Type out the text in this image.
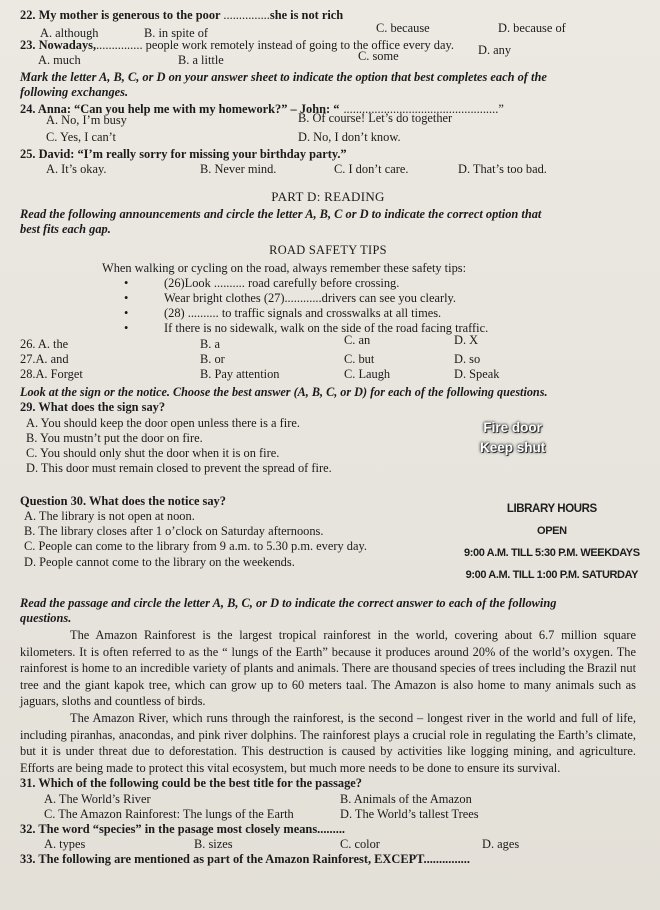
22. My mother is generous to the poor ...............she is not rich
A. although	B. in spite of	C. because	D. because of
23. Nowadays,............... people work remotely instead of going to the office every day.
A. much	B. a little	C. some	D. any
Mark the letter A, B, C, or D on your answer sheet to indicate the option that best completes each of the
following exchanges.
24. Anna: “Can you help me with my homework?” – John: “ ..................................................”
A. No, I’m busy	B. Of course! Let’s do together
C. Yes, I can’t	D. No, I don’t know.
25. David: “I’m really sorry for missing your birthday party.”
A. It’s okay.	B. Never mind.	C. I don’t care.	D. That’s too bad.
PART D: READING
Read the following announcements and circle the letter A, B, C or D to indicate the correct option that
best fits each gap.
ROAD SAFETY TIPS
When walking or cycling on the road, always remember these safety tips:
•	(26)Look .......... road carefully before crossing.
•	Wear bright clothes (27)............drivers can see you clearly.
•	(28) .......... to traffic signals and crosswalks at all times.
•	If there is no sidewalk, walk on the side of the road facing traffic.
26. A. the	B. a	C. an	D. X
27.A. and	B. or	C. but	D. so
28.A. Forget	B. Pay attention	C. Laugh	D. Speak
Look at the sign or the notice. Choose the best answer (A, B, C, or D) for each of the following questions.
29. What does the sign say?
A. You should keep the door open unless there is a fire.
B. You mustn’t put the door on fire.
C. You should only shut the door when it is on fire.
D. This door must remain closed to prevent the spread of fire.
Fire door
Keep shut
Question 30. What does the notice say?
A. The library is not open at noon.
B. The library closes after 1 o’clock on Saturday afternoons.
C. People can come to the library from 9 a.m. to 5.30 p.m. every day.
D. People cannot come to the library on the weekends.
LIBRARY HOURS
OPEN
9:00 A.M. TILL 5:30 P.M. WEEKDAYS
9:00 A.M. TILL 1:00 P.M. SATURDAY
Read the passage and circle the letter A, B, C, or D to indicate the correct answer to each of the following
questions.
The Amazon Rainforest is the largest tropical rainforest in the world, covering about 6.7 million square kilometers. It is often referred to as the “ lungs of the Earth” because it produces around 20% of the world’s oxygen. The rainforest is home to an incredible variety of plants and animals. There are thousand species of trees including the Brazil nut tree and the giant kapok tree, which can grow up to 60 meters taal. The Amazon is also home to many animals such as jaguars, sloths and countless of birds.
The Amazon River, which runs through the rainforest, is the second – longest river in the world and full of life, including piranhas, anacondas, and pink river dolphins. The rainforest plays a crucial role in regulating the Earth’s climate, but it is under threat due to deforestation. This destruction is caused by activities like logging mining, and agriculture. Efforts are being made to protect this vital ecosystem, but much more needs to be done to ensure its survival.
31. Which of the following could be the best title for the passage?
A. The World’s River	B. Animals of the Amazon
C. The Amazon Rainforest: The lungs of the Earth	D. The World’s tallest Trees
32. The word “species” in the pasage most closely means.........
A. types	B. sizes	C. color	D. ages
33. The following are mentioned as part of the Amazon Rainforest, EXCEPT...............
